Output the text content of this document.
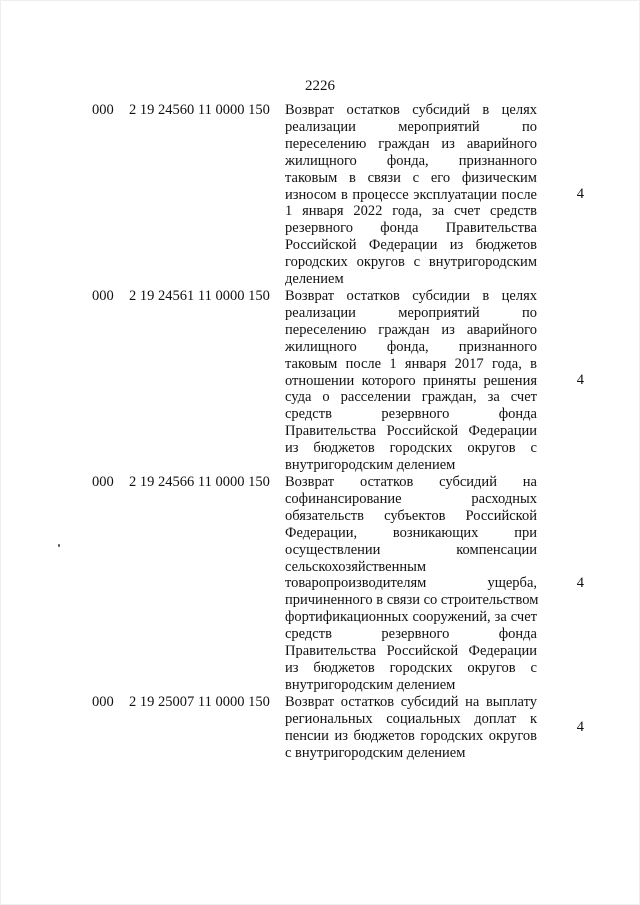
2226
000	2 19 24560 11 0000 150	Возврат остатков субсидий в целях
реализации мероприятий по
переселению граждан из аварийного
жилищного фонда, признанного
таковым в связи с его физическим
износом в процессе эксплуатации после
1 января 2022 года, за счет средств
резервного фонда Правительства
Российской Федерации из бюджетов
городских округов с внутригородским
делением
4
000	2 19 24561 11 0000 150	Возврат остатков субсидии в целях
реализации мероприятий по
переселению граждан из аварийного
жилищного фонда, признанного
таковым после 1 января 2017 года, в
отношении которого приняты решения
суда о расселении граждан, за счет
средств резервного фонда
Правительства Российской Федерации
из бюджетов городских округов с
внутригородским делением
4
000	2 19 24566 11 0000 150	Возврат остатков субсидий на
софинансирование расходных
обязательств субъектов Российской
Федерации, возникающих при
осуществлении компенсации
сельскохозяйственным
товаропроизводителям ущерба,
причиненного в связи со строительством
фортификационных сооружений, за счет
средств резервного фонда
Правительства Российской Федерации
из бюджетов городских округов с
внутригородским делением
4
000	2 19 25007 11 0000 150	Возврат остатков субсидий на выплату
региональных социальных доплат к
пенсии из бюджетов городских округов
с внутригородским делением
4
